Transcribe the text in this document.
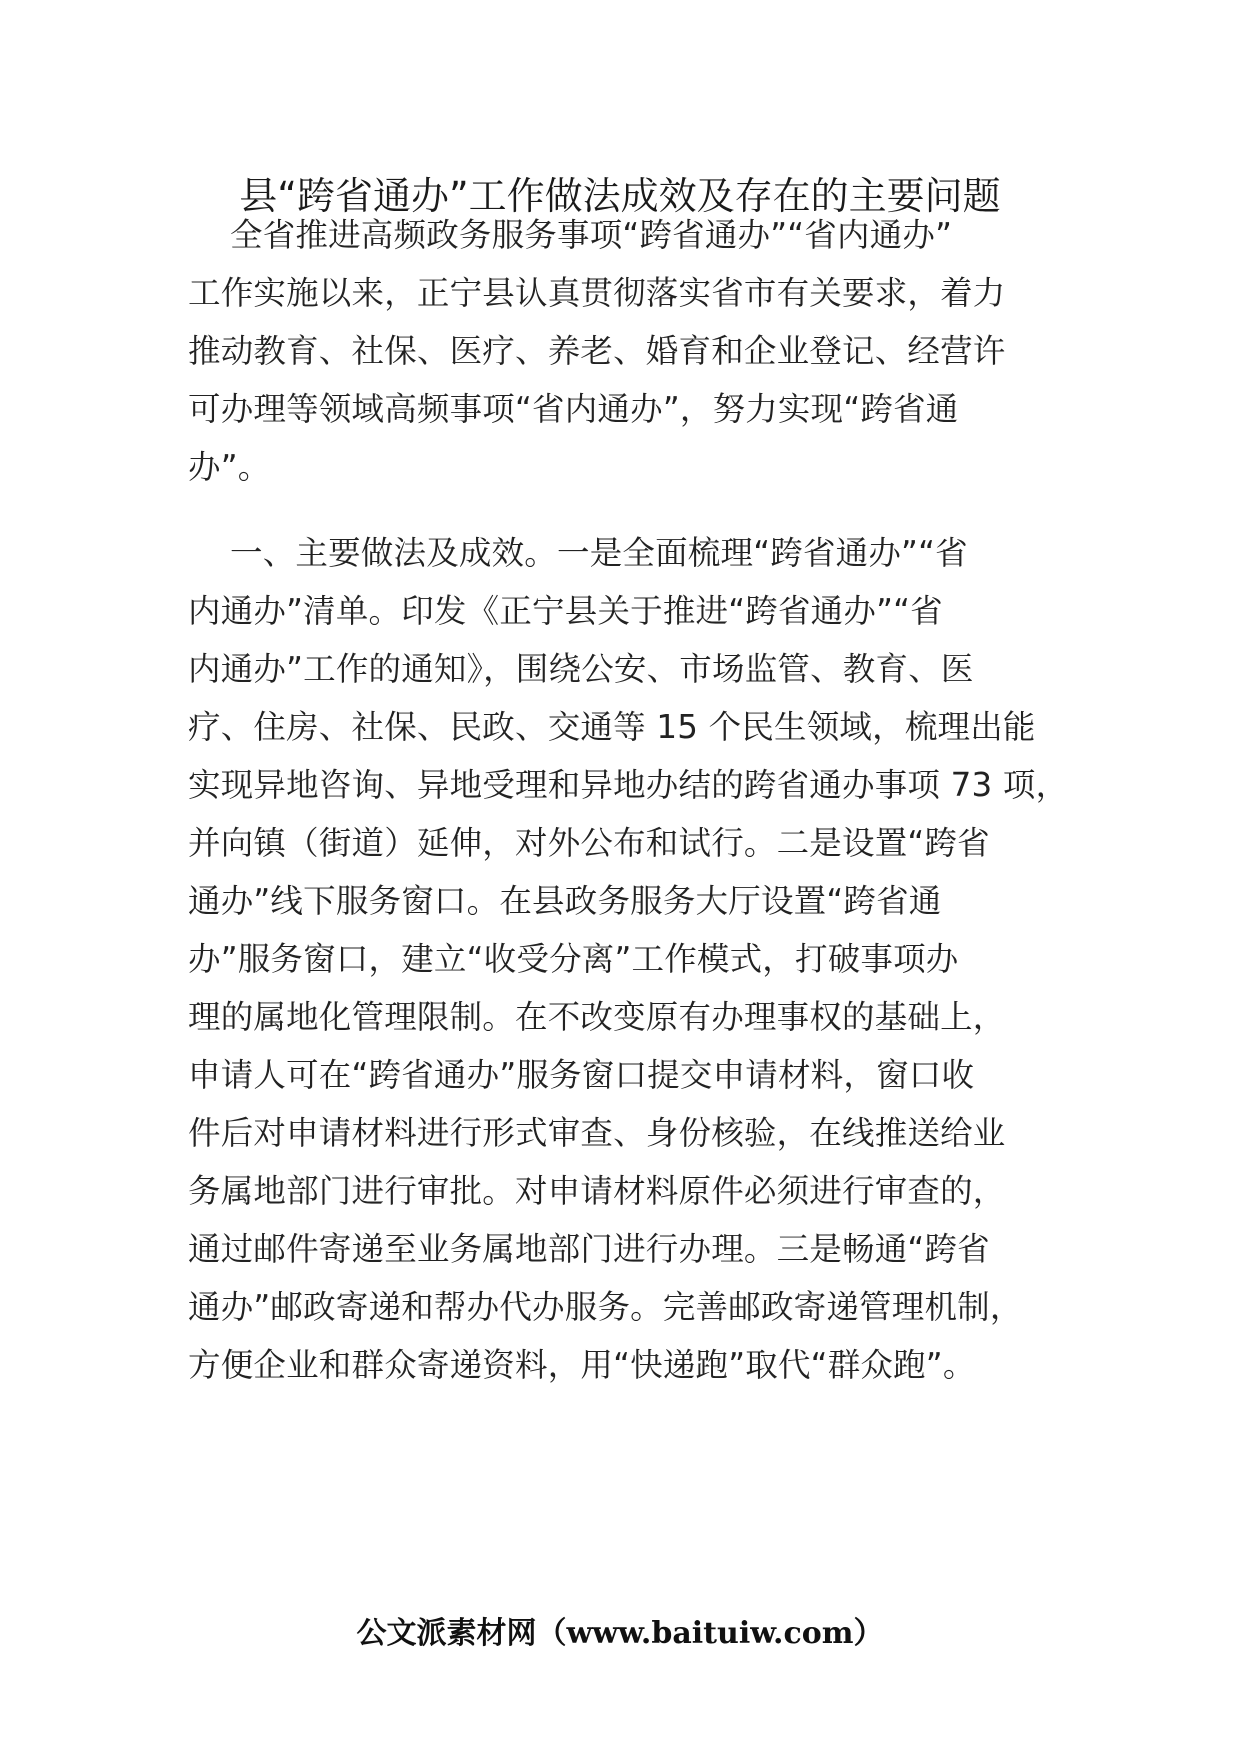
县“跨省通办”工作做法成效及存在的主要问题
全省推进高频政务服务事项“跨省通办”“省内通办”
工作实施以来，正宁县认真贯彻落实省市有关要求，着力
推动教育、社保、医疗、养老、婚育和企业登记、经营许
可办理等领域高频事项“省内通办”，努力实现“跨省通
办”。
一、主要做法及成效。一是全面梳理“跨省通办”“省
内通办”清单。印发《正宁县关于推进“跨省通办”“省
内通办”工作的通知》，围绕公安、市场监管、教育、医
疗、住房、社保、民政、交通等 15 个民生领域，梳理出能
实现异地咨询、异地受理和异地办结的跨省通办事项 73 项，
并向镇（街道）延伸，对外公布和试行。二是设置“跨省
通办”线下服务窗口。在县政务服务大厅设置“跨省通
办”服务窗口，建立“收受分离”工作模式，打破事项办
理的属地化管理限制。在不改变原有办理事权的基础上，
申请人可在“跨省通办”服务窗口提交申请材料，窗口收
件后对申请材料进行形式审查、身份核验，在线推送给业
务属地部门进行审批。对申请材料原件必须进行审查的，
通过邮件寄递至业务属地部门进行办理。三是畅通“跨省
通办”邮政寄递和帮办代办服务。完善邮政寄递管理机制，
方便企业和群众寄递资料，用“快递跑”取代“群众跑”。
公文派素材网（www.baituiw.com）
